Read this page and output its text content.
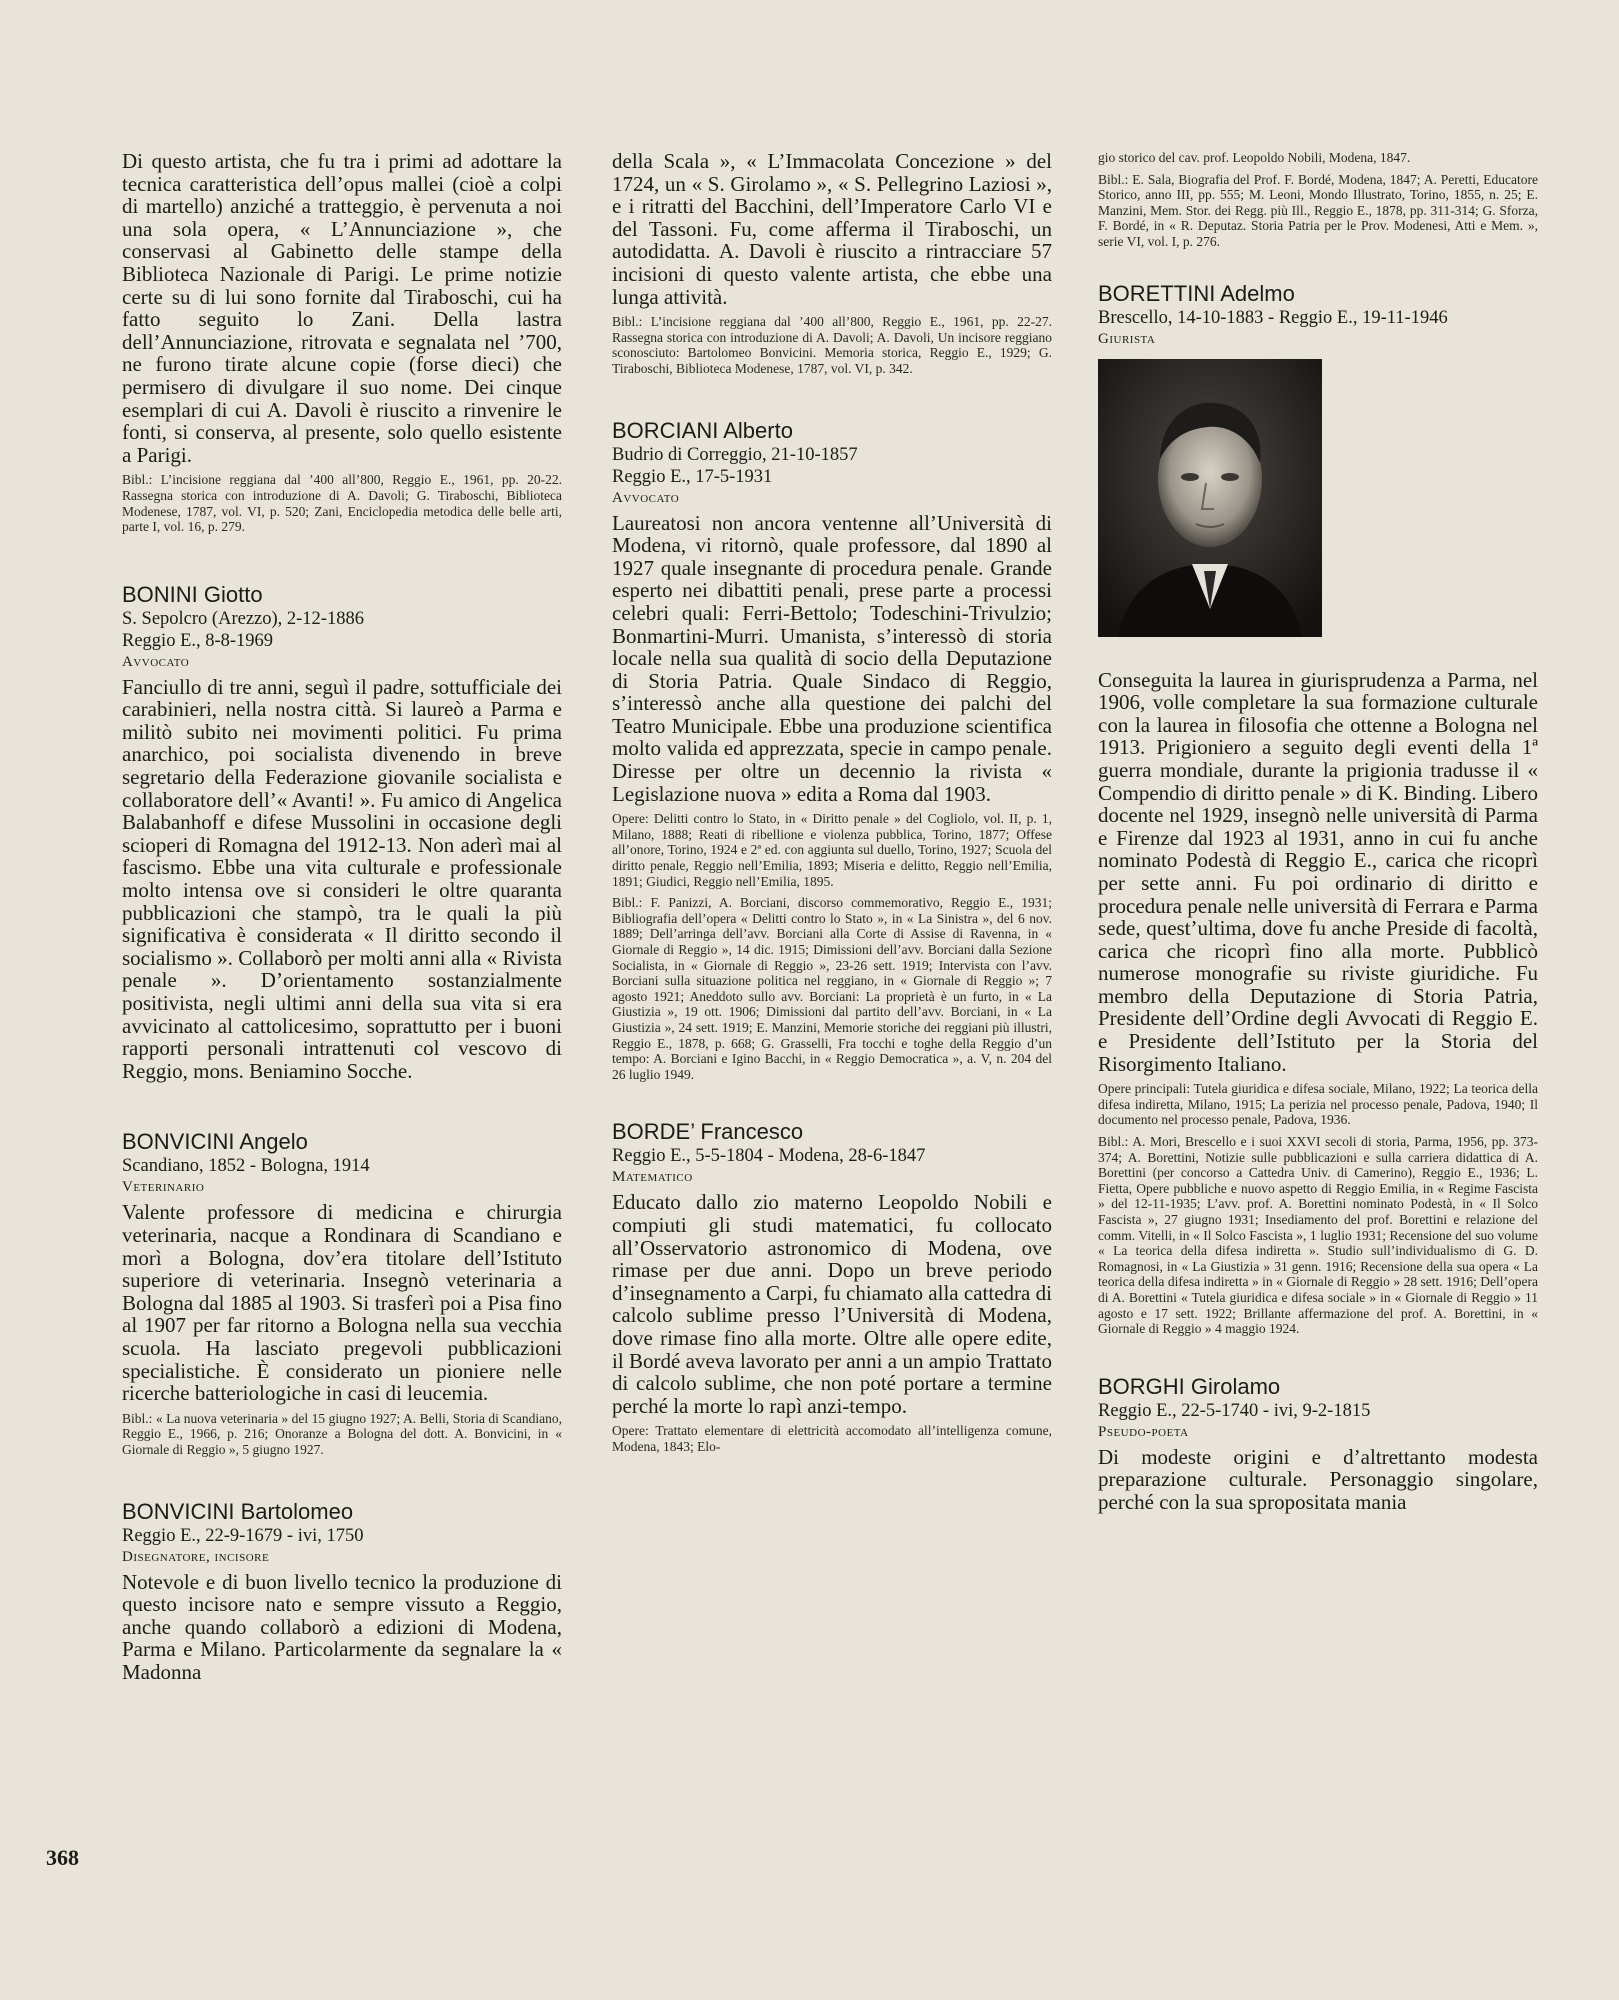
Di questo artista, che fu tra i primi ad adottare la tecnica caratteristica dell’opus mallei (cioè a colpi di martello) anziché a tratteggio, è pervenuta a noi una sola opera, « L’Annunciazione », che conservasi al Gabinetto delle stampe della Biblioteca Nazionale di Parigi. Le prime notizie certe su di lui sono fornite dal Tiraboschi, cui ha fatto seguito lo Zani. Della lastra dell’Annunciazione, ritrovata e segnalata nel ’700, ne furono tirate alcune copie (forse dieci) che permisero di divulgare il suo nome. Dei cinque esemplari di cui A. Davoli è riuscito a rinvenire le fonti, si conserva, al presente, solo quello esistente a Parigi.

Bibl.: L’incisione reggiana dal ’400 all’800, Reggio E., 1961, pp. 20-22. Rassegna storica con introduzione di A. Davoli; G. Tiraboschi, Biblioteca Modenese, 1787, vol. VI, p. 520; Zani, Enciclopedia metodica delle belle arti, parte I, vol. 16, p. 279.

BONINI Giotto

S. Sepolcro (Arezzo), 2-12-1886

Reggio E., 8-8-1969

Avvocato

Fanciullo di tre anni, seguì il padre, sottufficiale dei carabinieri, nella nostra città. Si laureò a Parma e militò subito nei movimenti politici. Fu prima anarchico, poi socialista divenendo in breve segretario della Federazione giovanile socialista e collaboratore dell’« Avanti! ». Fu amico di Angelica Balabanhoff e difese Mussolini in occasione degli scioperi di Romagna del 1912-13. Non aderì mai al fascismo. Ebbe una vita culturale e professionale molto intensa ove si consideri le oltre quaranta pubblicazioni che stampò, tra le quali la più significativa è considerata « Il diritto secondo il socialismo ». Collaborò per molti anni alla « Rivista penale ». D’orientamento sostanzialmente positivista, negli ultimi anni della sua vita si era avvicinato al cattolicesimo, soprattutto per i buoni rapporti personali intrattenuti col vescovo di Reggio, mons. Beniamino Socche.

BONVICINI Angelo

Scandiano, 1852 - Bologna, 1914

Veterinario

Valente professore di medicina e chirurgia veterinaria, nacque a Rondinara di Scandiano e morì a Bologna, dov’era titolare dell’Istituto superiore di veterinaria. Insegnò veterinaria a Bologna dal 1885 al 1903. Si trasferì poi a Pisa fino al 1907 per far ritorno a Bologna nella sua vecchia scuola. Ha lasciato pregevoli pubblicazioni specialistiche. È considerato un pioniere nelle ricerche batteriologiche in casi di leucemia.

Bibl.: « La nuova veterinaria » del 15 giugno 1927; A. Belli, Storia di Scandiano, Reggio E., 1966, p. 216; Onoranze a Bologna del dott. A. Bonvicini, in « Giornale di Reggio », 5 giugno 1927.

BONVICINI Bartolomeo

Reggio E., 22-9-1679 - ivi, 1750

Disegnatore, incisore

Notevole e di buon livello tecnico la produzione di questo incisore nato e sempre vissuto a Reggio, anche quando collaborò a edizioni di Modena, Parma e Milano. Particolarmente da segnalare la « Madonna

della Scala », « L’Immacolata Concezione » del 1724, un « S. Girolamo », « S. Pellegrino Laziosi », e i ritratti del Bacchini, dell’Imperatore Carlo VI e del Tassoni. Fu, come afferma il Tiraboschi, un autodidatta. A. Davoli è riuscito a rintracciare 57 incisioni di questo valente artista, che ebbe una lunga attività.

Bibl.: L’incisione reggiana dal ’400 all’800, Reggio E., 1961, pp. 22-27. Rassegna storica con introduzione di A. Davoli; A. Davoli, Un incisore reggiano sconosciuto: Bartolomeo Bonvicini. Memoria storica, Reggio E., 1929; G. Tiraboschi, Biblioteca Modenese, 1787, vol. VI, p. 342.

BORCIANI Alberto

Budrio di Correggio, 21-10-1857

Reggio E., 17-5-1931

Avvocato

Laureatosi non ancora ventenne all’Università di Modena, vi ritornò, quale professore, dal 1890 al 1927 quale insegnante di procedura penale. Grande esperto nei dibattiti penali, prese parte a processi celebri quali: Ferri-Bettolo; Todeschini-Trivulzio; Bonmartini-Murri. Umanista, s’interessò di storia locale nella sua qualità di socio della Deputazione di Storia Patria. Quale Sindaco di Reggio, s’interessò anche alla questione dei palchi del Teatro Municipale. Ebbe una produzione scientifica molto valida ed apprezzata, specie in campo penale. Diresse per oltre un decennio la rivista « Legislazione nuova » edita a Roma dal 1903.

Opere: Delitti contro lo Stato, in « Diritto penale » del Cogliolo, vol. II, p. 1, Milano, 1888; Reati di ribellione e violenza pubblica, Torino, 1877; Offese all’onore, Torino, 1924 e 2ª ed. con aggiunta sul duello, Torino, 1927; Scuola del diritto penale, Reggio nell’Emilia, 1893; Miseria e delitto, Reggio nell’Emilia, 1891; Giudici, Reggio nell’Emilia, 1895.

Bibl.: F. Panizzi, A. Borciani, discorso commemorativo, Reggio E., 1931; Bibliografia dell’opera « Delitti contro lo Stato », in « La Sinistra », del 6 nov. 1889; Dell’arringa dell’avv. Borciani alla Corte di Assise di Ravenna, in « Giornale di Reggio », 14 dic. 1915; Dimissioni dell’avv. Borciani dalla Sezione Socialista, in « Giornale di Reggio », 23-26 sett. 1919; Intervista con l’avv. Borciani sulla situazione politica nel reggiano, in « Giornale di Reggio »; 7 agosto 1921; Aneddoto sullo avv. Borciani: La proprietà è un furto, in « La Giustizia », 19 ott. 1906; Dimissioni dal partito dell’avv. Borciani, in « La Giustizia », 24 sett. 1919; E. Manzini, Memorie storiche dei reggiani più illustri, Reggio E., 1878, p. 668; G. Grasselli, Fra tocchi e toghe della Reggio d’un tempo: A. Borciani e Igino Bacchi, in « Reggio Democratica », a. V, n. 204 del 26 luglio 1949.

BORDE’ Francesco

Reggio E., 5-5-1804 - Modena, 28-6-1847

Matematico

Educato dallo zio materno Leopoldo Nobili e compiuti gli studi matematici, fu collocato all’Osservatorio astronomico di Modena, ove rimase per due anni. Dopo un breve periodo d’insegnamento a Carpi, fu chiamato alla cattedra di calcolo sublime presso l’Università di Modena, dove rimase fino alla morte. Oltre alle opere edite, il Bordé aveva lavorato per anni a un ampio Trattato di calcolo sublime, che non poté portare a termine perché la morte lo rapì anzi-tempo.

Opere: Trattato elementare di elettricità accomodato all’intelligenza comune, Modena, 1843; Elo-

gio storico del cav. prof. Leopoldo Nobili, Modena, 1847.

Bibl.: E. Sala, Biografia del Prof. F. Bordé, Modena, 1847; A. Peretti, Educatore Storico, anno III, pp. 555; M. Leoni, Mondo Illustrato, Torino, 1855, n. 25; E. Manzini, Mem. Stor. dei Regg. più Ill., Reggio E., 1878, pp. 311-314; G. Sforza, F. Bordé, in « R. Deputaz. Storia Patria per le Prov. Modenesi, Atti e Mem. », serie VI, vol. I, p. 276.

BORETTINI Adelmo

Brescello, 14-10-1883 - Reggio E., 19-11-1946

Giurista

Conseguita la laurea in giurisprudenza a Parma, nel 1906, volle completare la sua formazione culturale con la laurea in filosofia che ottenne a Bologna nel 1913. Prigioniero a seguito degli eventi della 1ª guerra mondiale, durante la prigionia tradusse il « Compendio di diritto penale » di K. Binding. Libero docente nel 1929, insegnò nelle università di Parma e Firenze dal 1923 al 1931, anno in cui fu anche nominato Podestà di Reggio E., carica che ricoprì per sette anni. Fu poi ordinario di diritto e procedura penale nelle università di Ferrara e Parma sede, quest’ultima, dove fu anche Preside di facoltà, carica che ricoprì fino alla morte. Pubblicò numerose monografie su riviste giuridiche. Fu membro della Deputazione di Storia Patria, Presidente dell’Ordine degli Avvocati di Reggio E. e Presidente dell’Istituto per la Storia del Risorgimento Italiano.

Opere principali: Tutela giuridica e difesa sociale, Milano, 1922; La teorica della difesa indiretta, Milano, 1915; La perizia nel processo penale, Padova, 1940; Il documento nel processo penale, Padova, 1936.

Bibl.: A. Mori, Brescello e i suoi XXVI secoli di storia, Parma, 1956, pp. 373-374; A. Borettini, Notizie sulle pubblicazioni e sulla carriera didattica di A. Borettini (per concorso a Cattedra Univ. di Camerino), Reggio E., 1936; L. Fietta, Opere pubbliche e nuovo aspetto di Reggio Emilia, in « Regime Fascista » del 12-11-1935; L’avv. prof. A. Borettini nominato Podestà, in « Il Solco Fascista », 27 giugno 1931; Insediamento del prof. Borettini e relazione del comm. Vitelli, in « Il Solco Fascista », 1 luglio 1931; Recensione del suo volume « La teorica della difesa indiretta ». Studio sull’individualismo di G. D. Romagnosi, in « La Giustizia » 31 genn. 1916; Recensione della sua opera « La teorica della difesa indiretta » in « Giornale di Reggio » 28 sett. 1916; Dell’opera di A. Borettini « Tutela giuridica e difesa sociale » in « Giornale di Reggio » 11 agosto e 17 sett. 1922; Brillante affermazione del prof. A. Borettini, in « Giornale di Reggio » 4 maggio 1924.

BORGHI Girolamo

Reggio E., 22-5-1740 - ivi, 9-2-1815

Pseudo-poeta

Di modeste origini e d’altrettanto modesta preparazione culturale. Personaggio singolare, perché con la sua spropositata mania

368
